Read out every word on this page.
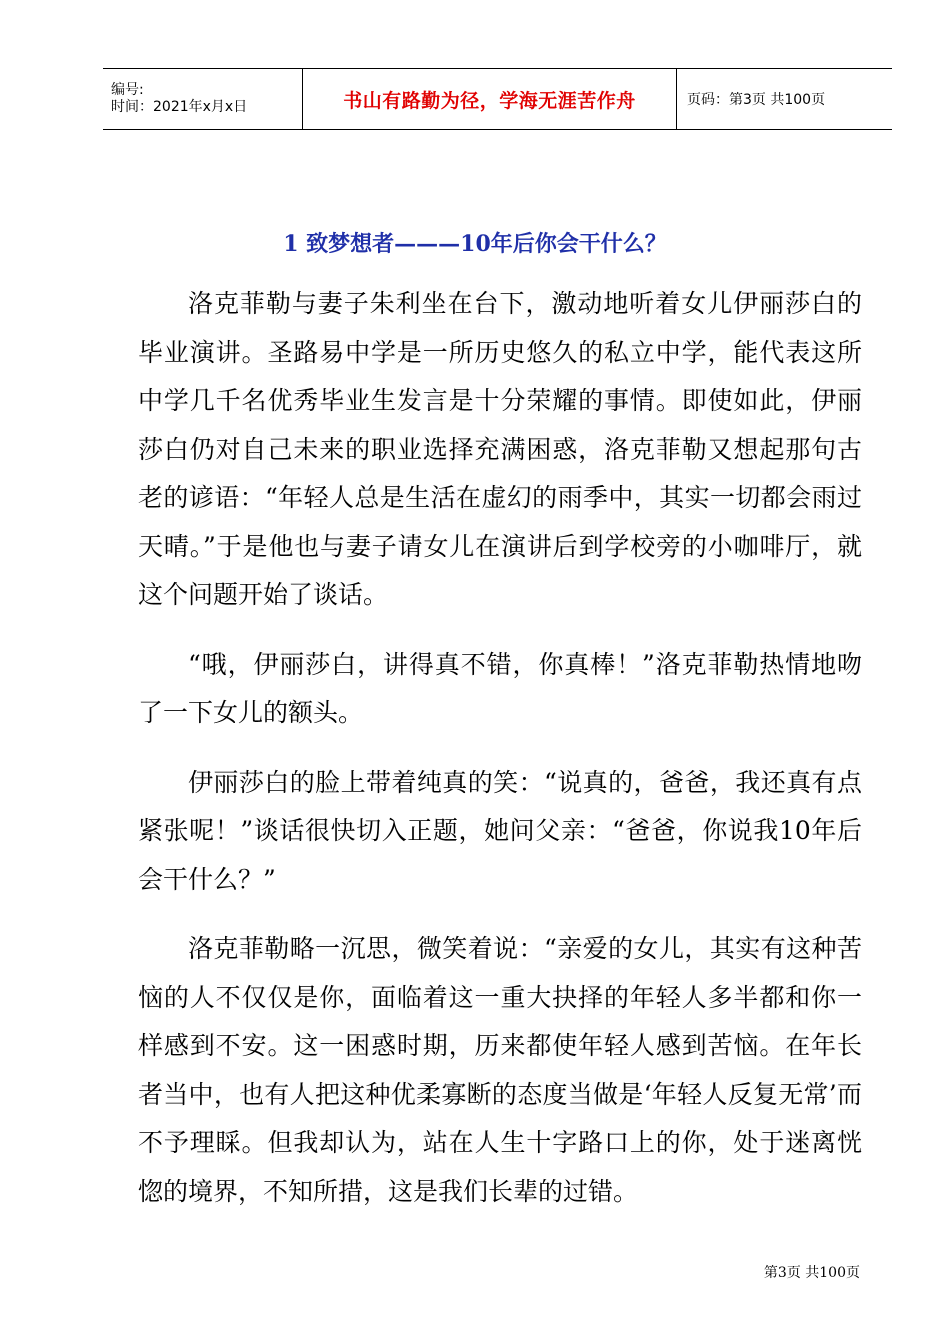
编号:
时间：2021年x月x日	书山有路勤为径，学海无涯苦作舟	页码：第3页 共100页
1 致梦想者———10年后你会干什么？

洛克菲勒与妻子朱利坐在台下，激动地听着女儿伊丽莎白的毕业演讲。圣路易中学是一所历史悠久的私立中学，能代表这所中学几千名优秀毕业生发言是十分荣耀的事情。即使如此，伊丽莎白仍对自己未来的职业选择充满困惑，洛克菲勒又想起那句古老的谚语：“年轻人总是生活在虚幻的雨季中，其实一切都会雨过天晴。”于是他也与妻子请女儿在演讲后到学校旁的小咖啡厅，就这个问题开始了谈话。

“哦，伊丽莎白，讲得真不错，你真棒！”洛克菲勒热情地吻了一下女儿的额头。

伊丽莎白的脸上带着纯真的笑：“说真的，爸爸，我还真有点紧张呢！”谈话很快切入正题，她问父亲：“爸爸，你说我10年后会干什么？”

洛克菲勒略一沉思，微笑着说：“亲爱的女儿，其实有这种苦恼的人不仅仅是你，面临着这一重大抉择的年轻人多半都和你一样感到不安。这一困惑时期，历来都使年轻人感到苦恼。在年长者当中，也有人把这种优柔寡断的态度当做是‘年轻人反复无常’而不予理睬。但我却认为，站在人生十字路口上的你，处于迷离恍惚的境界，不知所措，这是我们长辈的过错。

第3页 共100页
